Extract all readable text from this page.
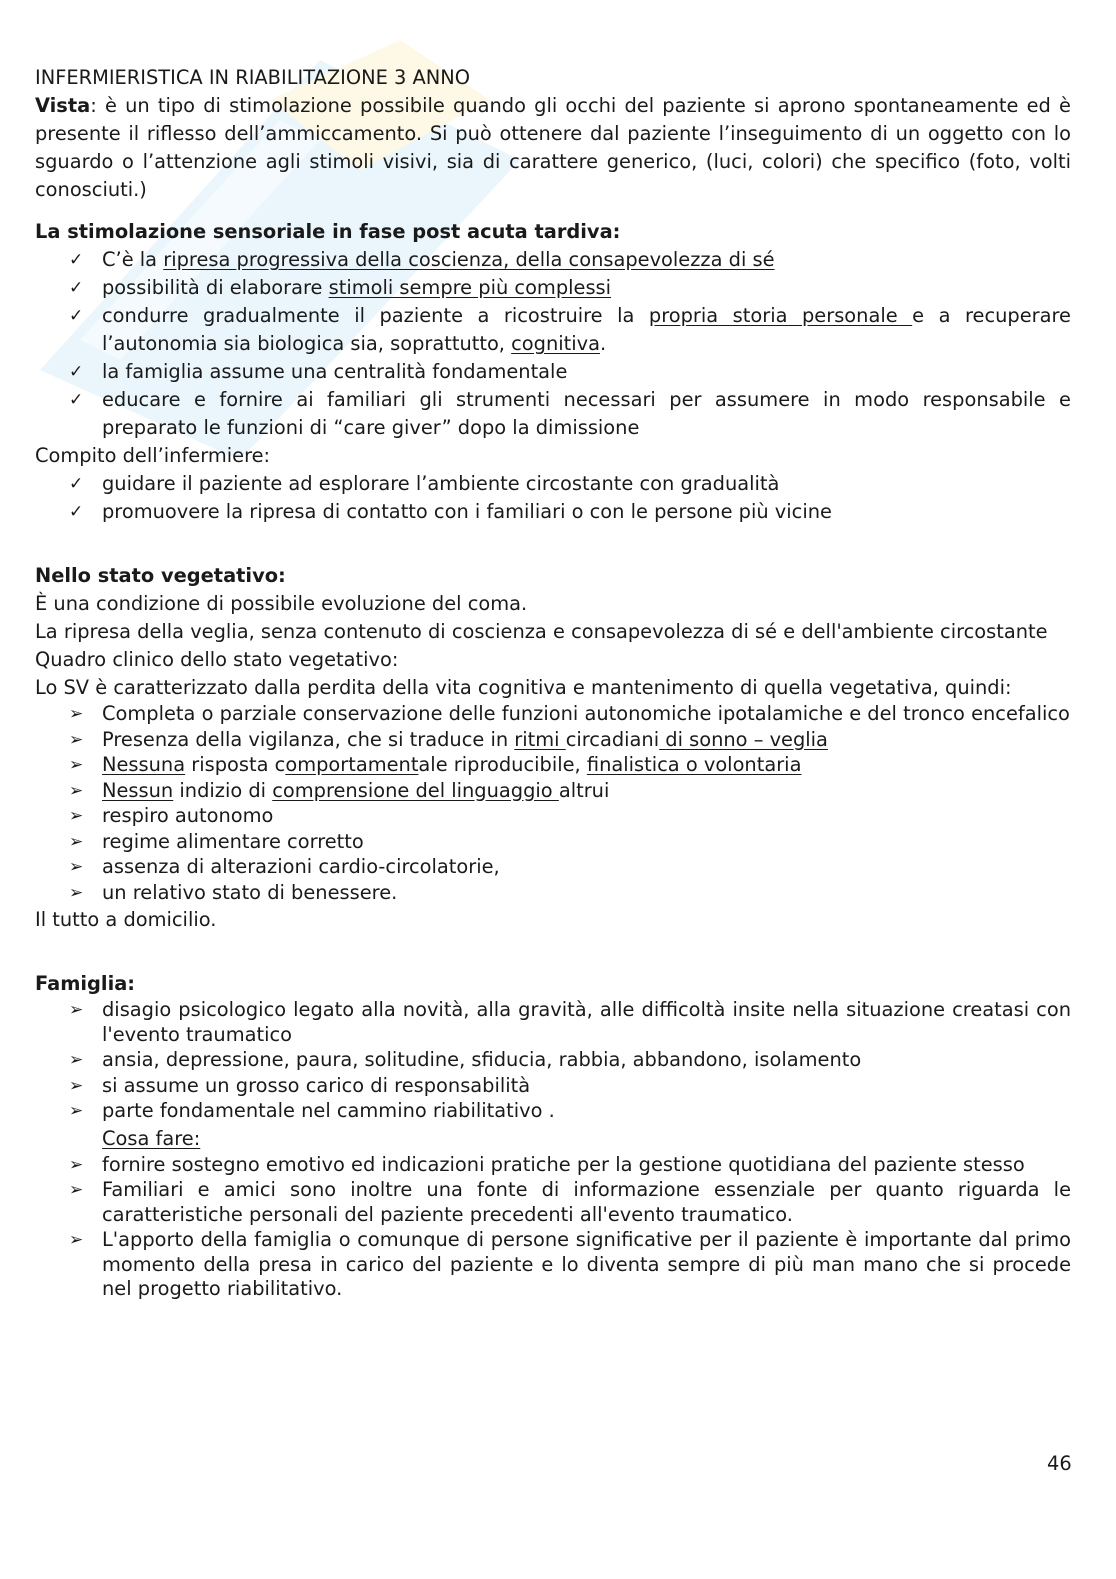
INFERMIERISTICA IN RIABILITAZIONE 3 ANNO

Vista: è un tipo di stimolazione possibile quando gli occhi del paziente si aprono spontaneamente ed è presente il riflesso dell’ammiccamento. Si può ottenere dal paziente l’inseguimento di un oggetto con lo sguardo o l’attenzione agli stimoli visivi, sia di carattere generico, (luci, colori) che specifico (foto, volti conosciuti.)

La stimolazione sensoriale in fase post acuta tardiva:

✓ C’è la ripresa progressiva della coscienza, della consapevolezza di sé
✓ possibilità di elaborare stimoli sempre più complessi
✓ condurre gradualmente il paziente a ricostruire la propria storia personale e a recuperare l’autonomia sia biologica sia, soprattutto, cognitiva.
✓ la famiglia assume una centralità fondamentale
✓ educare e fornire ai familiari gli strumenti necessari per assumere in modo responsabile e preparato le funzioni di “care giver” dopo la dimissione

Compito dell’infermiere:

✓ guidare il paziente ad esplorare l’ambiente circostante con gradualità
✓ promuovere la ripresa di contatto con i familiari o con le persone più vicine

Nello stato vegetativo:

È una condizione di possibile evoluzione del coma.

La ripresa della veglia, senza contenuto di coscienza e consapevolezza di sé e dell'ambiente circostante

Quadro clinico dello stato vegetativo:

Lo SV è caratterizzato dalla perdita della vita cognitiva e mantenimento di quella vegetativa, quindi:

➢ Completa o parziale conservazione delle funzioni autonomiche ipotalamiche e del tronco encefalico
➢ Presenza della vigilanza, che si traduce in ritmi circadiani di sonno – veglia
➢ Nessuna risposta comportamentale riproducibile, finalistica o volontaria
➢ Nessun indizio di comprensione del linguaggio altrui
➢ respiro autonomo
➢ regime alimentare corretto
➢ assenza di alterazioni cardio-circolatorie,
➢ un relativo stato di benessere.

Il tutto a domicilio.

Famiglia:

➢ disagio psicologico legato alla novità, alla gravità, alle difficoltà insite nella situazione creatasi con l'evento traumatico
➢ ansia, depressione, paura, solitudine, sfiducia, rabbia, abbandono, isolamento
➢ si assume un grosso carico di responsabilità
➢ parte fondamentale nel cammino riabilitativo .

Cosa fare:

➢ fornire sostegno emotivo ed indicazioni pratiche per la gestione quotidiana del paziente stesso
➢ Familiari e amici sono inoltre una fonte di informazione essenziale per quanto riguarda le caratteristiche personali del paziente precedenti all'evento traumatico.
➢ L'apporto della famiglia o comunque di persone significative per il paziente è importante dal primo momento della presa in carico del paziente e lo diventa sempre di più man mano che si procede nel progetto riabilitativo.
46
